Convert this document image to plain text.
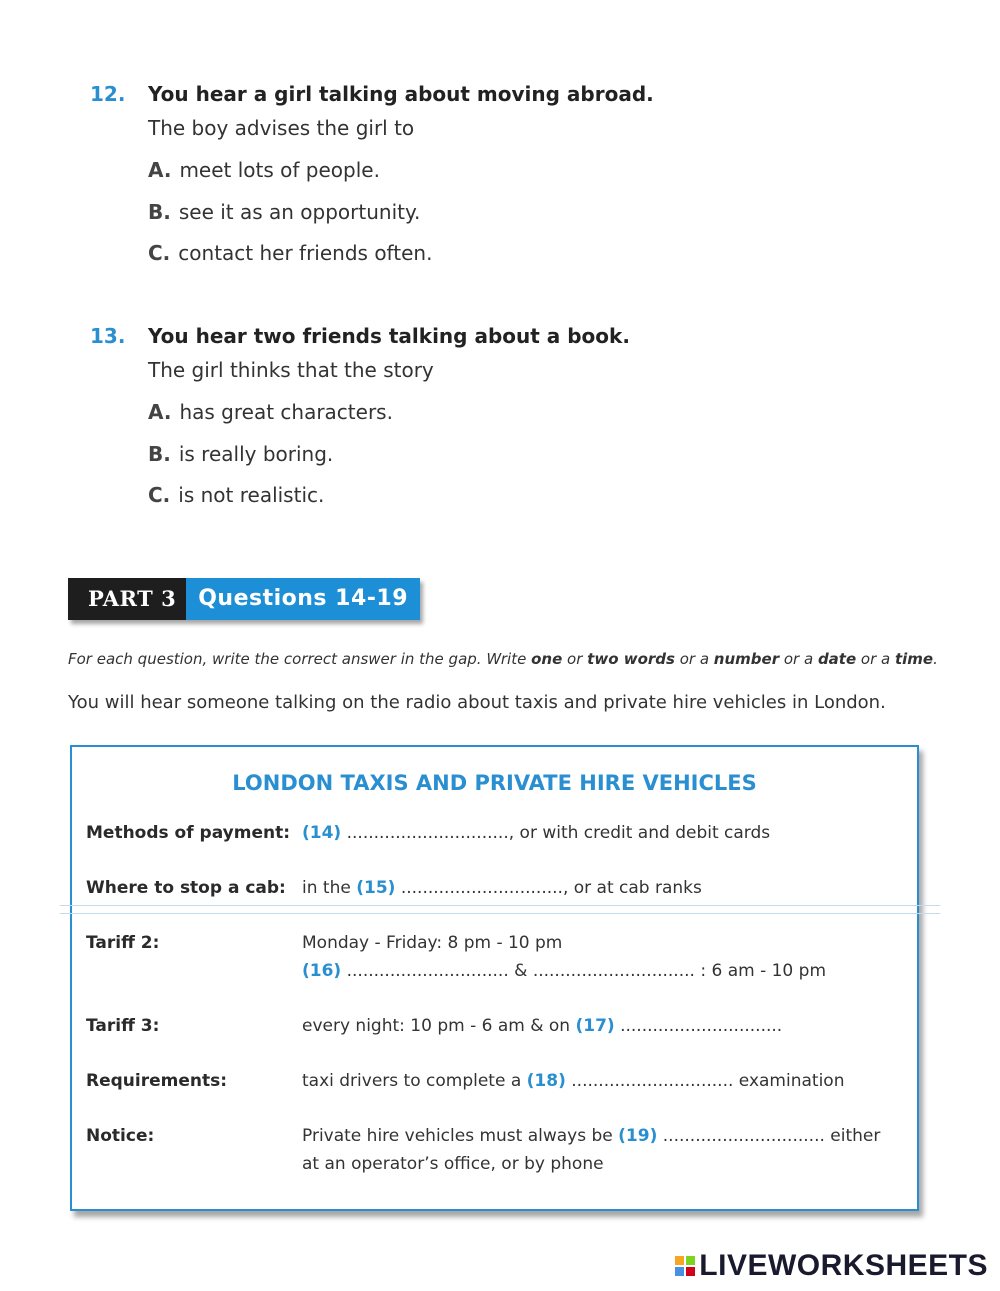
12. You hear a girl talking about moving abroad.
The boy advises the girl to
A. meet lots of people.
B. see it as an opportunity.
C. contact her friends often.
13. You hear two friends talking about a book.
The girl thinks that the story
A. has great characters.
B. is really boring.
C. is not realistic.
PART 3	Questions 14-19
For each question, write the correct answer in the gap. Write one or two words or a number or a date or a time.
You will hear someone talking on the radio about taxis and private hire vehicles in London.
LONDON TAXIS AND PRIVATE HIRE VEHICLES
Methods of payment: (14) .............................., or with credit and debit cards
Where to stop a cab: in the (15) .............................., or at cab ranks
Tariff 2:	Monday - Friday: 8 pm - 10 pm
(16) .............................. & .............................. : 6 am - 10 pm
Tariff 3:	every night: 10 pm - 6 am & on (17) ..............................
Requirements:	taxi drivers to complete a (18) .............................. examination
Notice:	Private hire vehicles must always be (19) .............................. either
at an operator’s office, or by phone
LIVEWORKSHEETS
